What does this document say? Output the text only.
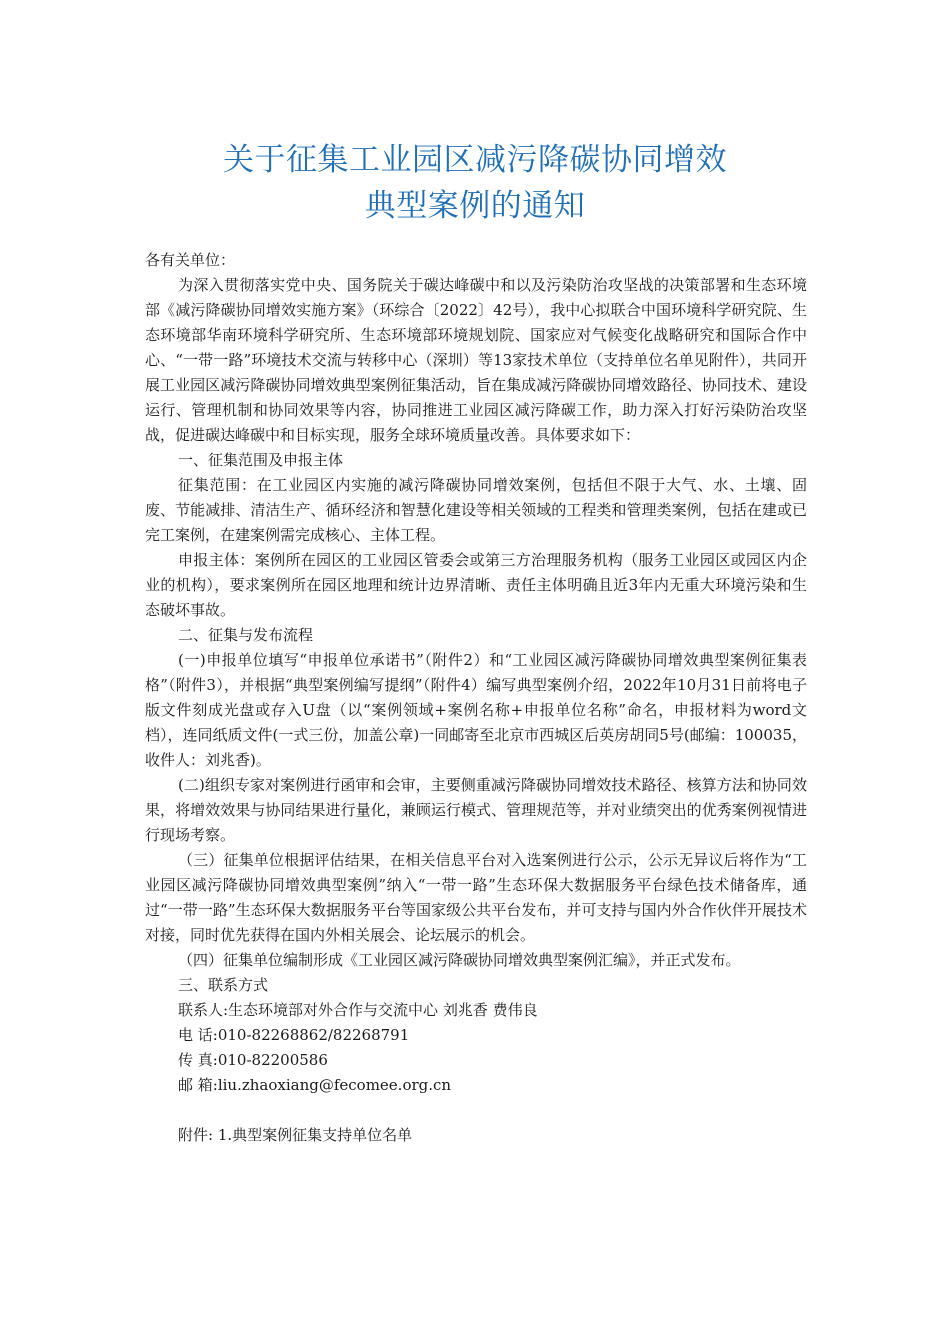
关于征集工业园区减污降碳协同增效
典型案例的通知

各有关单位：

为深入贯彻落实党中央、国务院关于碳达峰碳中和以及污染防治攻坚战的决策部署和生态环境部《减污降碳协同增效实施方案》（环综合〔2022〕42号），我中心拟联合中国环境科学研究院、生态环境部华南环境科学研究所、生态环境部环境规划院、国家应对气候变化战略研究和国际合作中心、“一带一路”环境技术交流与转移中心（深圳）等13家技术单位（支持单位名单见附件），共同开展工业园区减污降碳协同增效典型案例征集活动，旨在集成减污降碳协同增效路径、协同技术、建设运行、管理机制和协同效果等内容，协同推进工业园区减污降碳工作，助力深入打好污染防治攻坚战，促进碳达峰碳中和目标实现，服务全球环境质量改善。具体要求如下：

一、征集范围及申报主体

征集范围：在工业园区内实施的减污降碳协同增效案例，包括但不限于大气、水、土壤、固废、节能减排、清洁生产、循环经济和智慧化建设等相关领域的工程类和管理类案例，包括在建或已完工案例，在建案例需完成核心、主体工程。

申报主体：案例所在园区的工业园区管委会或第三方治理服务机构（服务工业园区或园区内企业的机构），要求案例所在园区地理和统计边界清晰、责任主体明确且近3年内无重大环境污染和生态破坏事故。

二、征集与发布流程

(一)申报单位填写“申报单位承诺书”（附件2）和“工业园区减污降碳协同增效典型案例征集表格”（附件3），并根据“典型案例编写提纲”（附件4）编写典型案例介绍，2022年10月31日前将电子版文件刻成光盘或存入U盘（以“案例领域+案例名称+申报单位名称”命名，申报材料为word文档），连同纸质文件(一式三份，加盖公章)一同邮寄至北京市西城区后英房胡同5号(邮编：100035，收件人：刘兆香)。

(二)组织专家对案例进行函审和会审，主要侧重减污降碳协同增效技术路径、核算方法和协同效果，将增效效果与协同结果进行量化，兼顾运行模式、管理规范等，并对业绩突出的优秀案例视情进行现场考察。

（三）征集单位根据评估结果，在相关信息平台对入选案例进行公示，公示无异议后将作为“工业园区减污降碳协同增效典型案例”纳入“一带一路”生态环保大数据服务平台绿色技术储备库，通过“一带一路”生态环保大数据服务平台等国家级公共平台发布，并可支持与国内外合作伙伴开展技术对接，同时优先获得在国内外相关展会、论坛展示的机会。

（四）征集单位编制形成《工业园区减污降碳协同增效典型案例汇编》，并正式发布。

三、联系方式

联系人:生态环境部对外合作与交流中心 刘兆香 费伟良

电 话:010-82268862/82268791

传 真:010-82200586

邮 箱:liu.zhaoxiang@fecomee.org.cn

附件: 1.典型案例征集支持单位名单
